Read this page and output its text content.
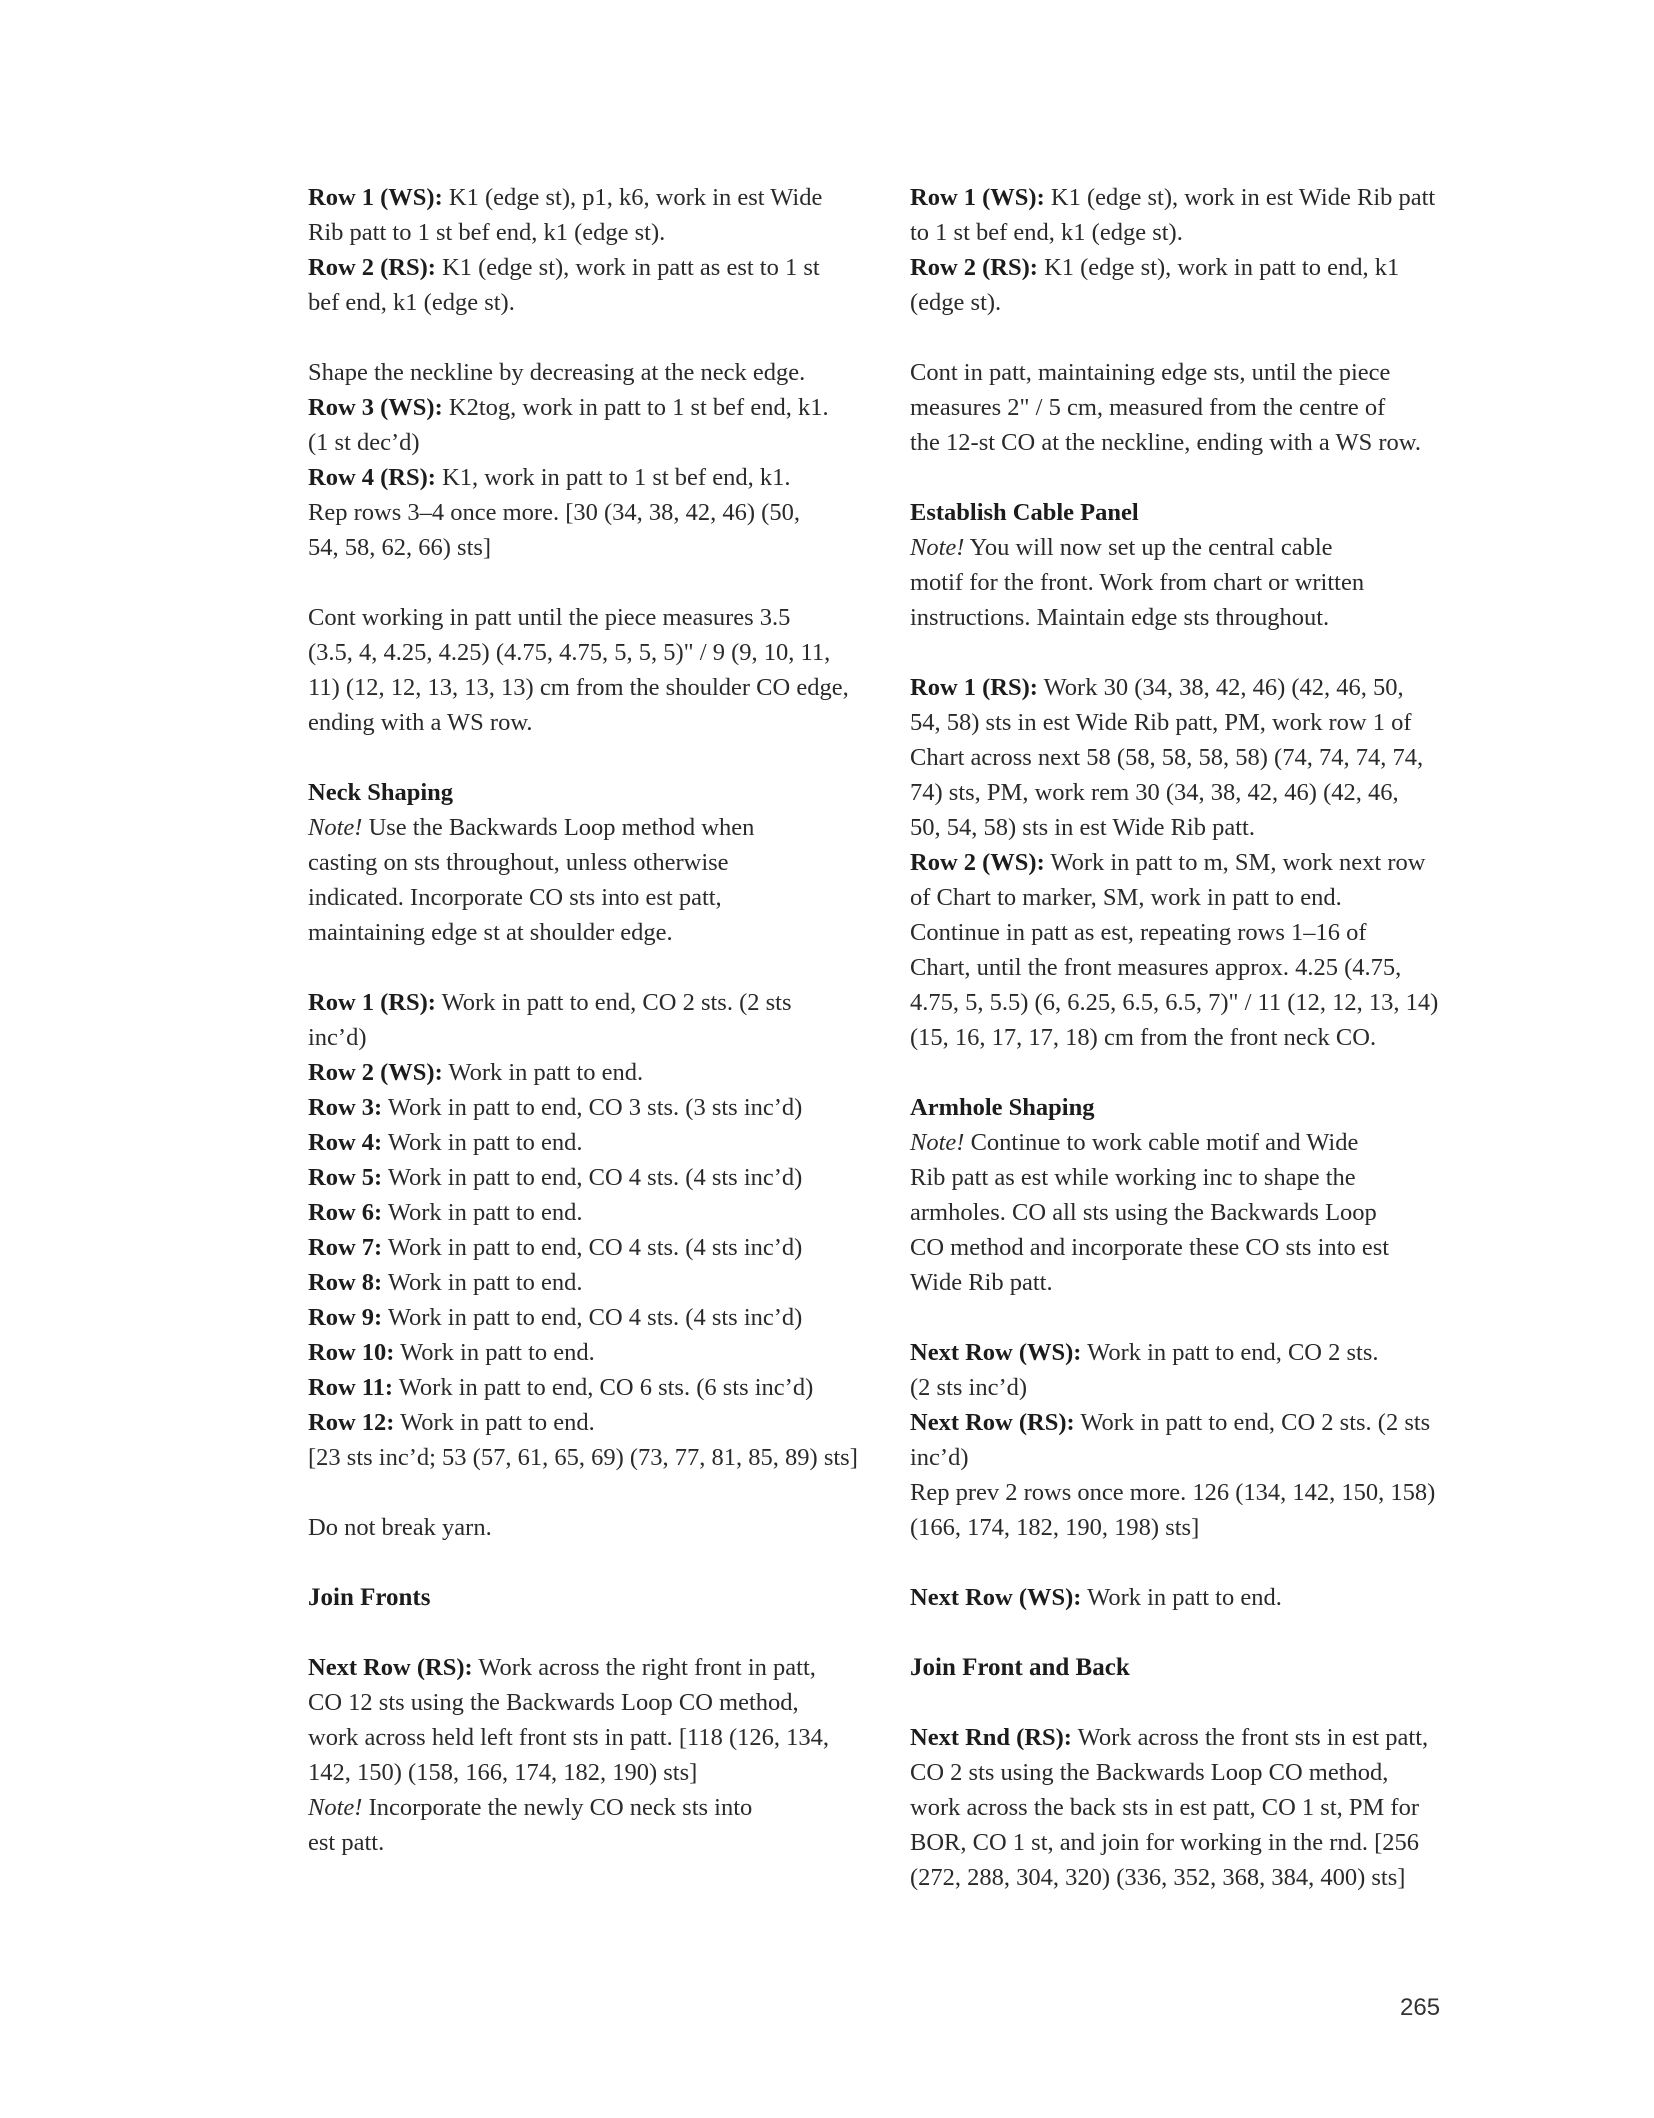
Row 1 (WS): K1 (edge st), p1, k6, work in est Wide
Rib patt to 1 st bef end, k1 (edge st).
Row 2 (RS): K1 (edge st), work in patt as est to 1 st
bef end, k1 (edge st).
Shape the neckline by decreasing at the neck edge.
Row 3 (WS): K2tog, work in patt to 1 st bef end, k1.
(1 st dec’d)
Row 4 (RS): K1, work in patt to 1 st bef end, k1.
Rep rows 3–4 once more. [30 (34, 38, 42, 46) (50,
54, 58, 62, 66) sts]
Cont working in patt until the piece measures 3.5
(3.5, 4, 4.25, 4.25) (4.75, 4.75, 5, 5, 5)" / 9 (9, 10, 11,
11) (12, 12, 13, 13, 13) cm from the shoulder CO edge,
ending with a WS row.
Neck Shaping
Note! Use the Backwards Loop method when
casting on sts throughout, unless otherwise
indicated. Incorporate CO sts into est patt,
maintaining edge st at shoulder edge.
Row 1 (RS): Work in patt to end, CO 2 sts. (2 sts
inc’d)
Row 2 (WS): Work in patt to end.
Row 3: Work in patt to end, CO 3 sts. (3 sts inc’d)
Row 4: Work in patt to end.
Row 5: Work in patt to end, CO 4 sts. (4 sts inc’d)
Row 6: Work in patt to end.
Row 7: Work in patt to end, CO 4 sts. (4 sts inc’d)
Row 8: Work in patt to end.
Row 9: Work in patt to end, CO 4 sts. (4 sts inc’d)
Row 10: Work in patt to end.
Row 11: Work in patt to end, CO 6 sts. (6 sts inc’d)
Row 12: Work in patt to end.
[23 sts inc’d; 53 (57, 61, 65, 69) (73, 77, 81, 85, 89) sts]
Do not break yarn.
Join Fronts
Next Row (RS): Work across the right front in patt,
CO 12 sts using the Backwards Loop CO method,
work across held left front sts in patt. [118 (126, 134,
142, 150) (158, 166, 174, 182, 190) sts]
Note! Incorporate the newly CO neck sts into
est patt.
Row 1 (WS): K1 (edge st), work in est Wide Rib patt
to 1 st bef end, k1 (edge st).
Row 2 (RS): K1 (edge st), work in patt to end, k1
(edge st).
Cont in patt, maintaining edge sts, until the piece
measures 2" / 5 cm, measured from the centre of
the 12-st CO at the neckline, ending with a WS row.
Establish Cable Panel
Note! You will now set up the central cable
motif for the front. Work from chart or written
instructions. Maintain edge sts throughout.
Row 1 (RS): Work 30 (34, 38, 42, 46) (42, 46, 50,
54, 58) sts in est Wide Rib patt, PM, work row 1 of
Chart across next 58 (58, 58, 58, 58) (74, 74, 74, 74,
74) sts, PM, work rem 30 (34, 38, 42, 46) (42, 46,
50, 54, 58) sts in est Wide Rib patt.
Row 2 (WS): Work in patt to m, SM, work next row
of Chart to marker, SM, work in patt to end.
Continue in patt as est, repeating rows 1–16 of
Chart, until the front measures approx. 4.25 (4.75,
4.75, 5, 5.5) (6, 6.25, 6.5, 6.5, 7)" / 11 (12, 12, 13, 14)
(15, 16, 17, 17, 18) cm from the front neck CO.
Armhole Shaping
Note! Continue to work cable motif and Wide
Rib patt as est while working inc to shape the
armholes. CO all sts using the Backwards Loop
CO method and incorporate these CO sts into est
Wide Rib patt.
Next Row (WS): Work in patt to end, CO 2 sts.
(2 sts inc’d)
Next Row (RS): Work in patt to end, CO 2 sts. (2 sts
inc’d)
Rep prev 2 rows once more. 126 (134, 142, 150, 158)
(166, 174, 182, 190, 198) sts]
Next Row (WS): Work in patt to end.
Join Front and Back
Next Rnd (RS): Work across the front sts in est patt,
CO 2 sts using the Backwards Loop CO method,
work across the back sts in est patt, CO 1 st, PM for
BOR, CO 1 st, and join for working in the rnd. [256
(272, 288, 304, 320) (336, 352, 368, 384, 400) sts]
265
